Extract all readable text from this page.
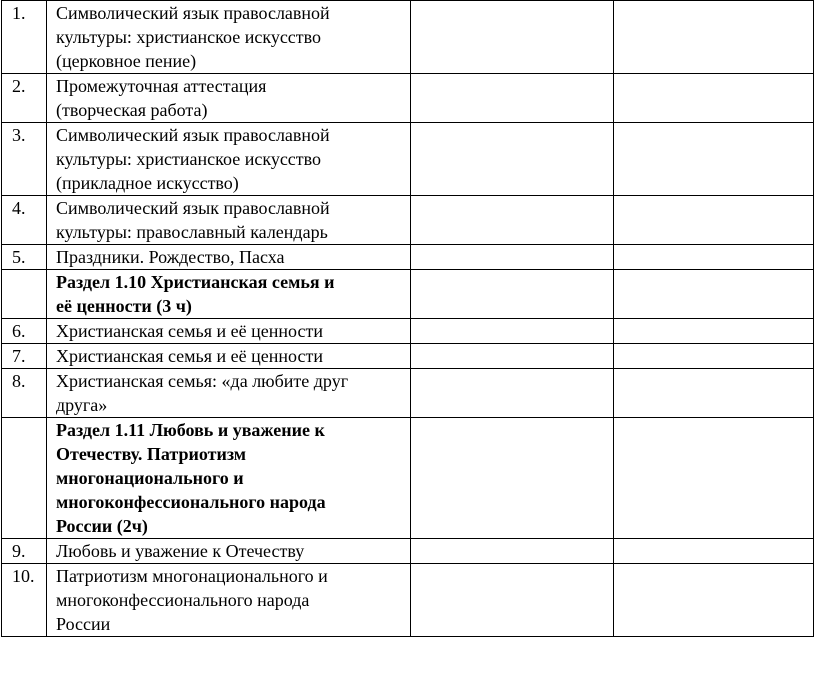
1.	Символический язык православной
культуры: христианское искусство
(церковное пение)		

2.	Промежуточная аттестация
(творческая работа)		

3.	Символический язык православной
культуры: христианское искусство
(прикладное искусство)		

4.	Символический язык православной
культуры: православный календарь		

5.	Праздники. Рождество, Пасха		

	Раздел 1.10 Христианская семья и
её ценности (3 ч)		

6.	Христианская семья и её ценности		

7.	Христианская семья и её ценности		

8.	Христианская семья: «да любите друг
друга»		

	Раздел 1.11 Любовь и уважение к
Отечеству. Патриотизм
многонационального и
многоконфессионального народа
России (2ч)		

9.	Любовь и уважение к Отечеству		

10.	Патриотизм многонационального и
многоконфессионального народа
России		
